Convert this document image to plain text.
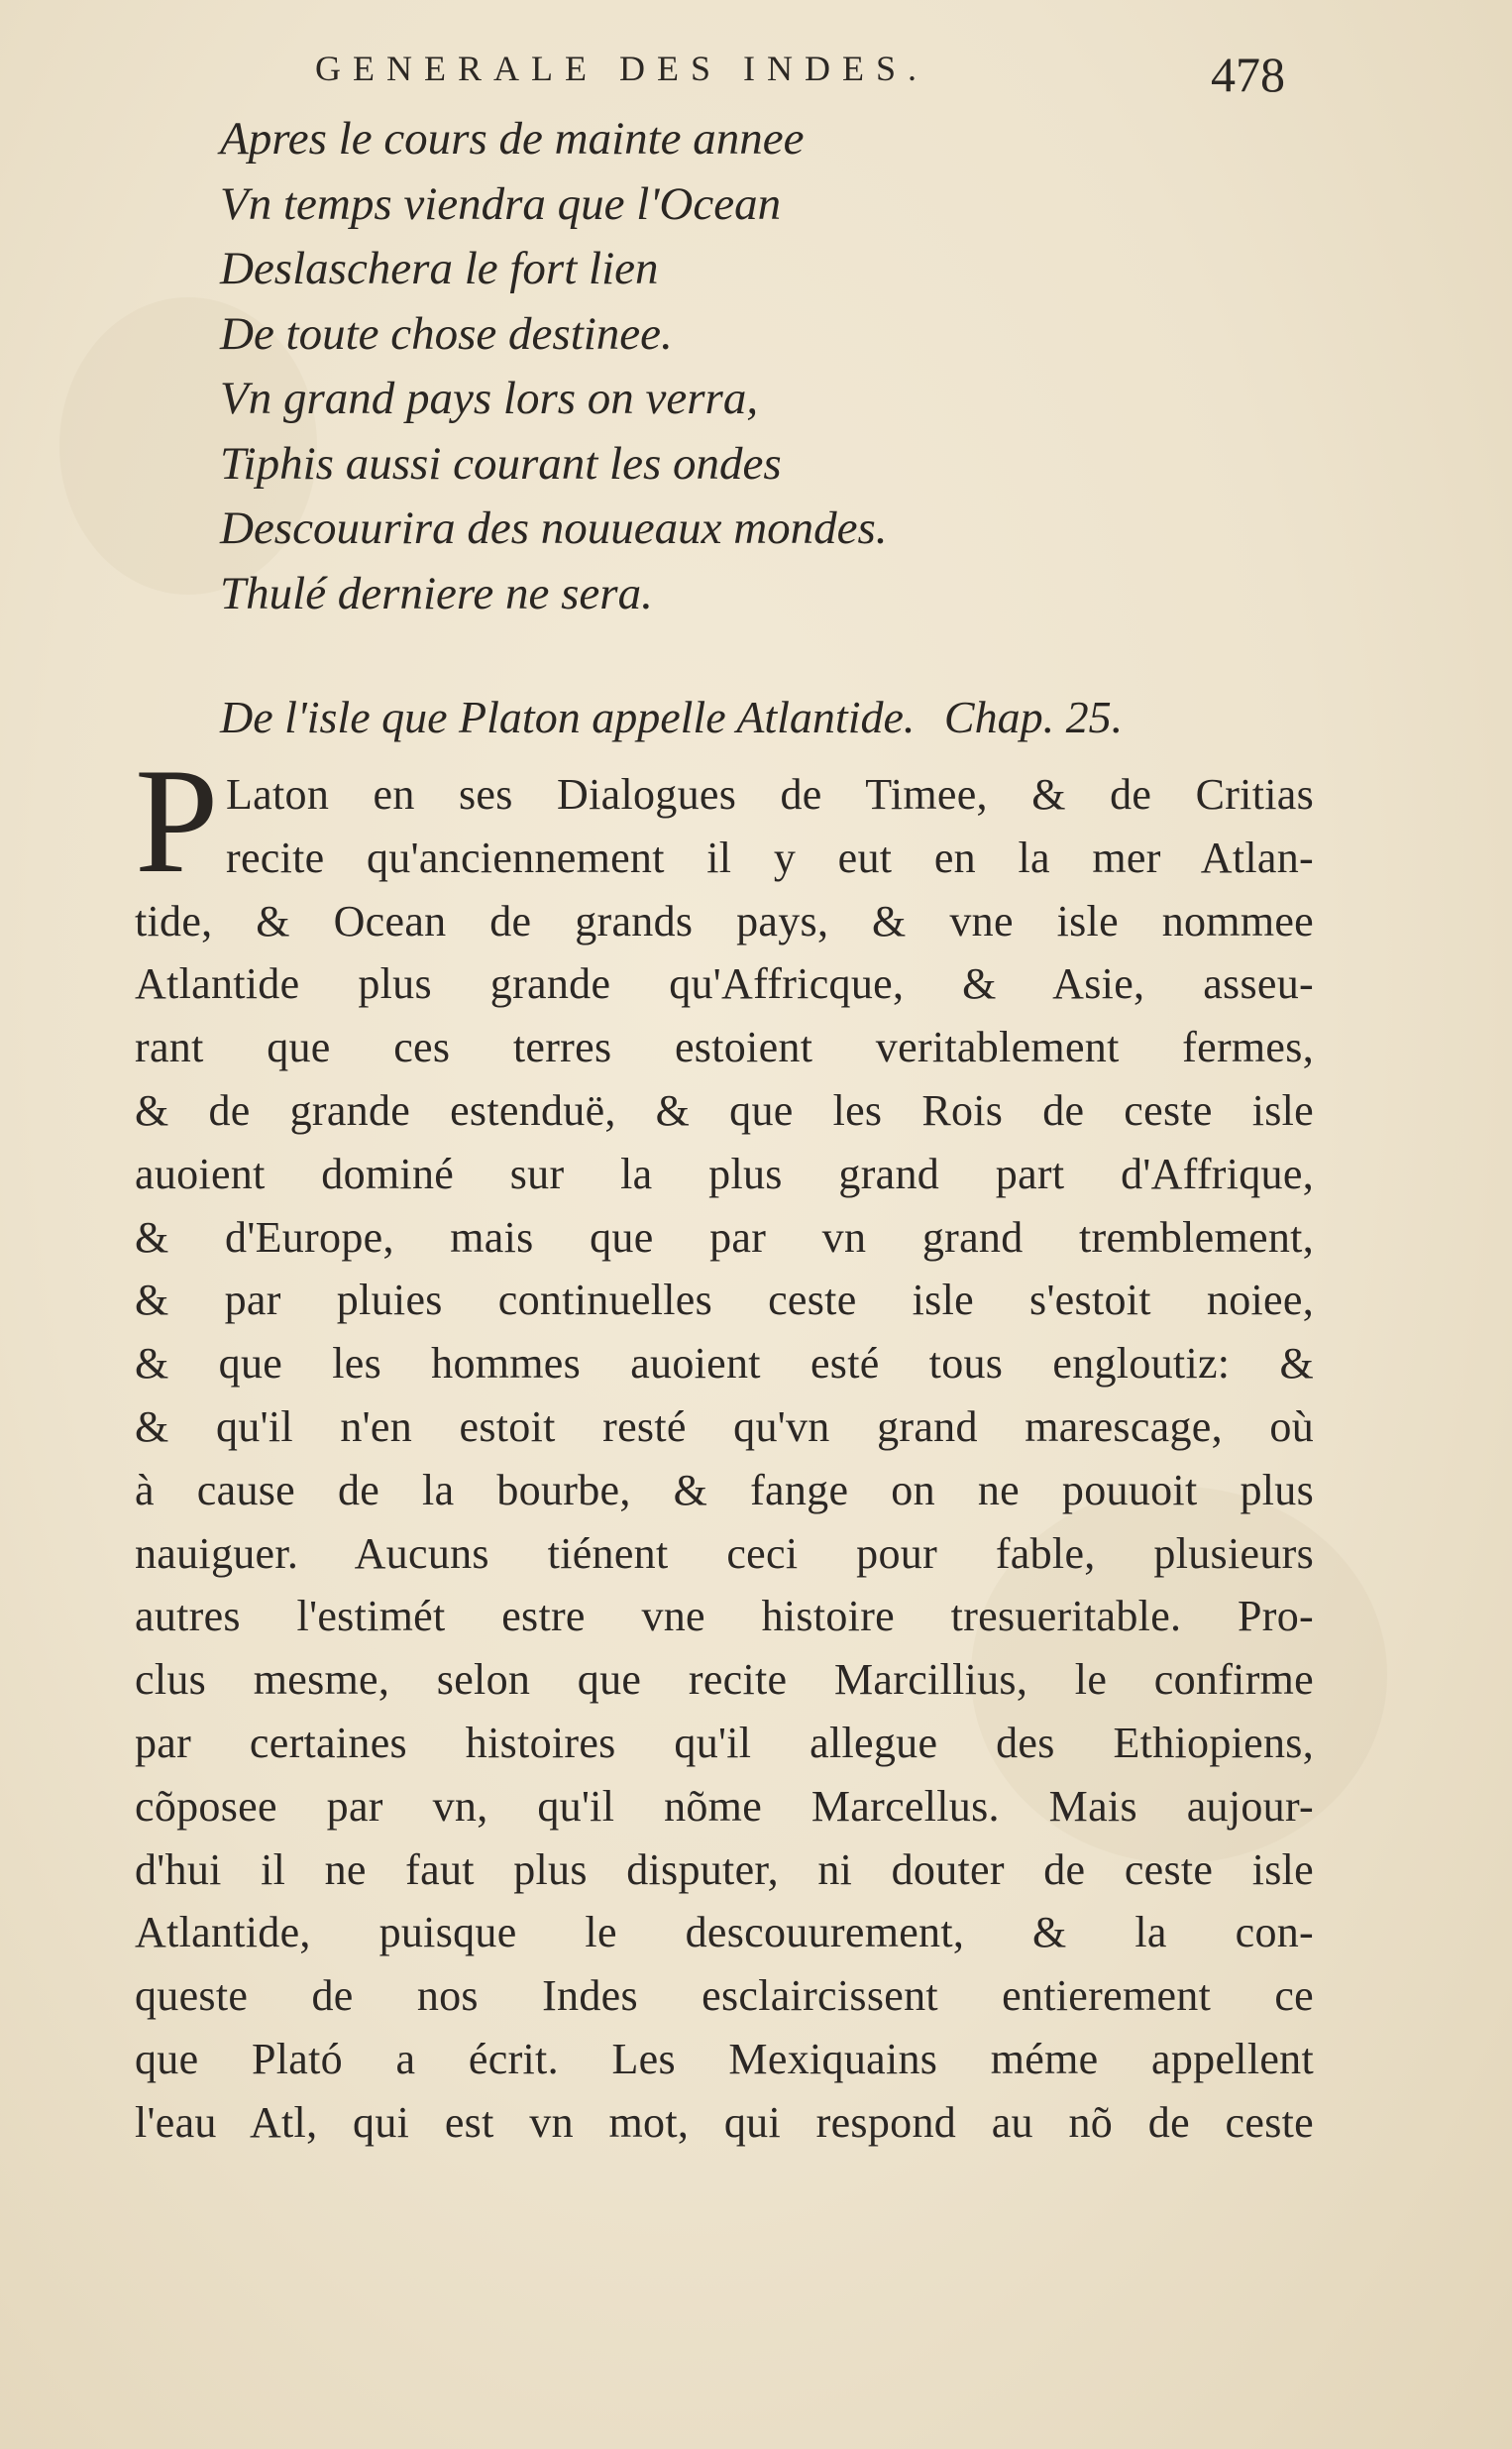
GENERALE DES INDES.	478
Apres le cours de mainte annee
Vn temps viendra que l'Ocean
Deslaschera le fort lien
De toute chose destinee.
Vn grand pays lors on verra,
Tiphis aussi courant les ondes
Descouurira des nouueaux mondes.
Thulé derniere ne sera.
De l'isle que Platon appelle Atlantide. Chap. 25.
P Laton en ses Dialogues de Timee, & de Critias
recite qu'anciennement il y eut en la mer Atlan-
tide, & Ocean de grands pays, & vne isle nommee
Atlantide plus grande qu'Affricque, & Asie, asseu-
rant que ces terres estoient veritablement fermes,
& de grande estenduë, & que les Rois de ceste isle
auoient dominé sur la plus grand part d'Affrique,
& d'Europe, mais que par vn grand tremblement,
& par pluies continuelles ceste isle s'estoit noiee,
& que les hommes auoient esté tous engloutiz: &
& qu'il n'en estoit resté qu'vn grand marescage, où
à cause de la bourbe, & fange on ne pouuoit plus
nauiguer. Aucuns tiénent ceci pour fable, plusieurs
autres l'estimét estre vne histoire tresueritable. Pro-
clus mesme, selon que recite Marcillius, le confirme
par certaines histoires qu'il allegue des Ethiopiens,
cõposee par vn, qu'il nõme Marcellus. Mais aujour-
d'hui il ne faut plus disputer, ni douter de ceste isle
Atlantide, puisque le descouurement, & la con-
queste de nos Indes esclaircissent entierement ce
que Plató a écrit. Les Mexiquains méme appellent
l'eau Atl, qui est vn mot, qui respond au nõ de ceste
